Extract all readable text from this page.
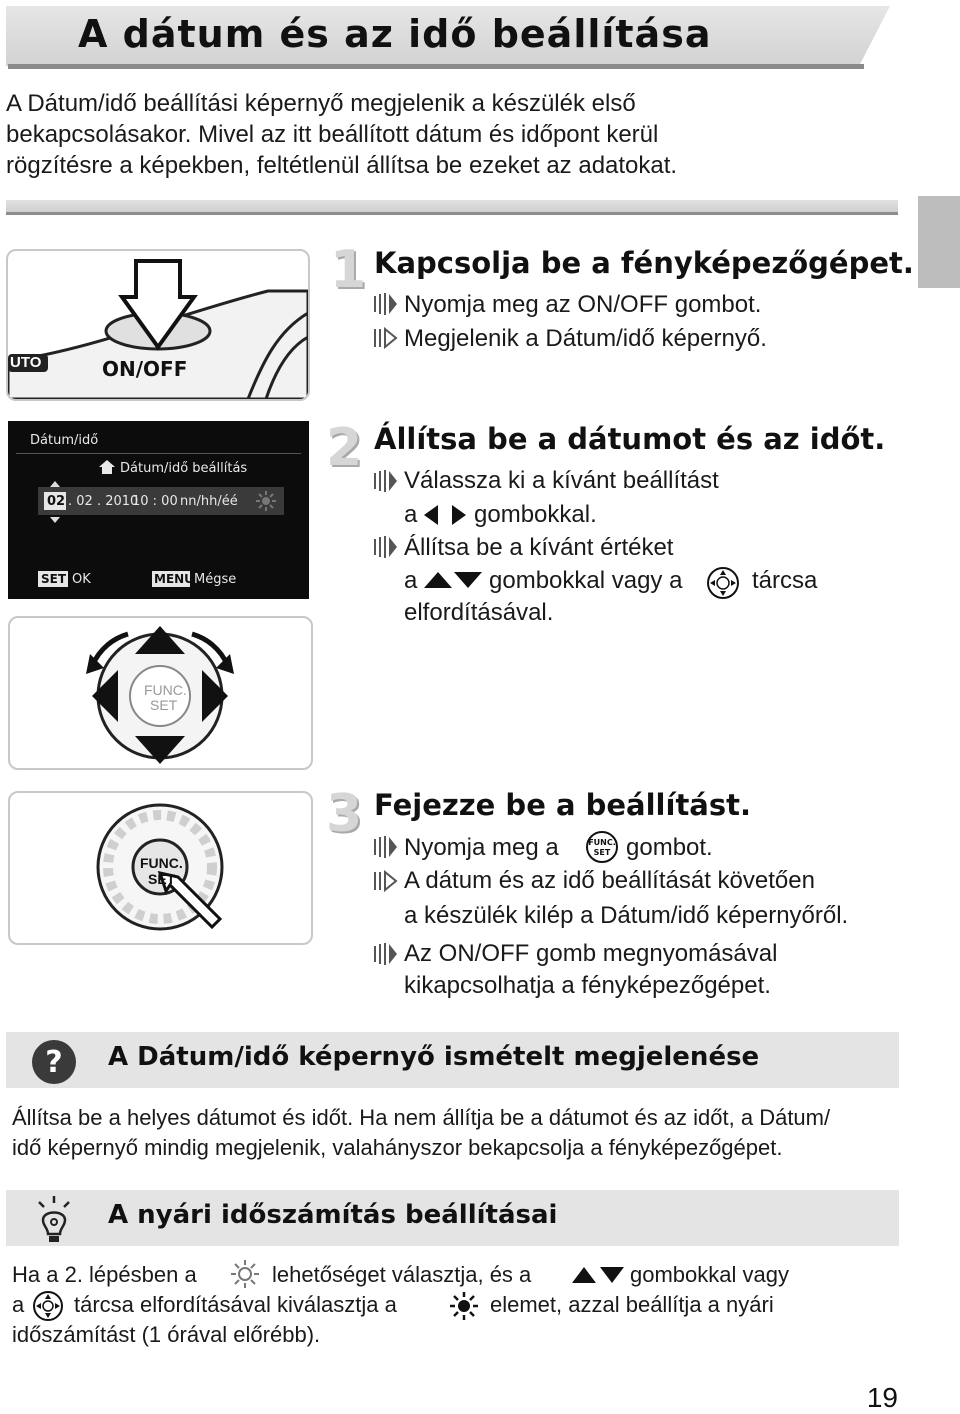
A dátum és az idő beállítása
A Dátum/idő beállítási képernyő megjelenik a készülék első
bekapcsolásakor. Mivel az itt beállított dátum és időpont kerül
rögzítésre a képekben, feltétlenül állítsa be ezeket az adatokat.
UTO	ON/OFF
Dátum/idő
Dátum/idő beállítás
02 . 02 . 2010
10 : 00 nn/hh/éé
SET OK	MENU Mégse
FUNC.
SET
FUNC.
SET
1 Kapcsolja be a fényképezőgépet.
Nyomja meg az ON/OFF gombot.
Megjelenik a Dátum/idő képernyő.
2 Állítsa be a dátumot és az időt.
Válassza ki a kívánt beállítást
a gombokkal.
Állítsa be a kívánt értéket
a	gombokkal vagy a	tárcsa
elfordításával.
3 Fejezze be a beállítást.
Nyomja meg a	FUNC.
SET gombot.
A dátum és az idő beállítását követően
a készülék kilép a Dátum/idő képernyőről.
Az ON/OFF gomb megnyomásával
kikapcsolhatja a fényképezőgépet.
? A Dátum/idő képernyő ismételt megjelenése
Állítsa be a helyes dátumot és időt. Ha nem állítja be a dátumot és az időt, a Dátum/
idő képernyő mindig megjelenik, valahányszor bekapcsolja a fényképezőgépet.
A nyári időszámítás beállításai
Ha a 2. lépésben a	lehetőséget választja, és a	gombokkal vagy
a tárcsa elfordításával kiválasztja a	elemet, azzal beállítja a nyári
időszámítást (1 órával előrébb).
19
